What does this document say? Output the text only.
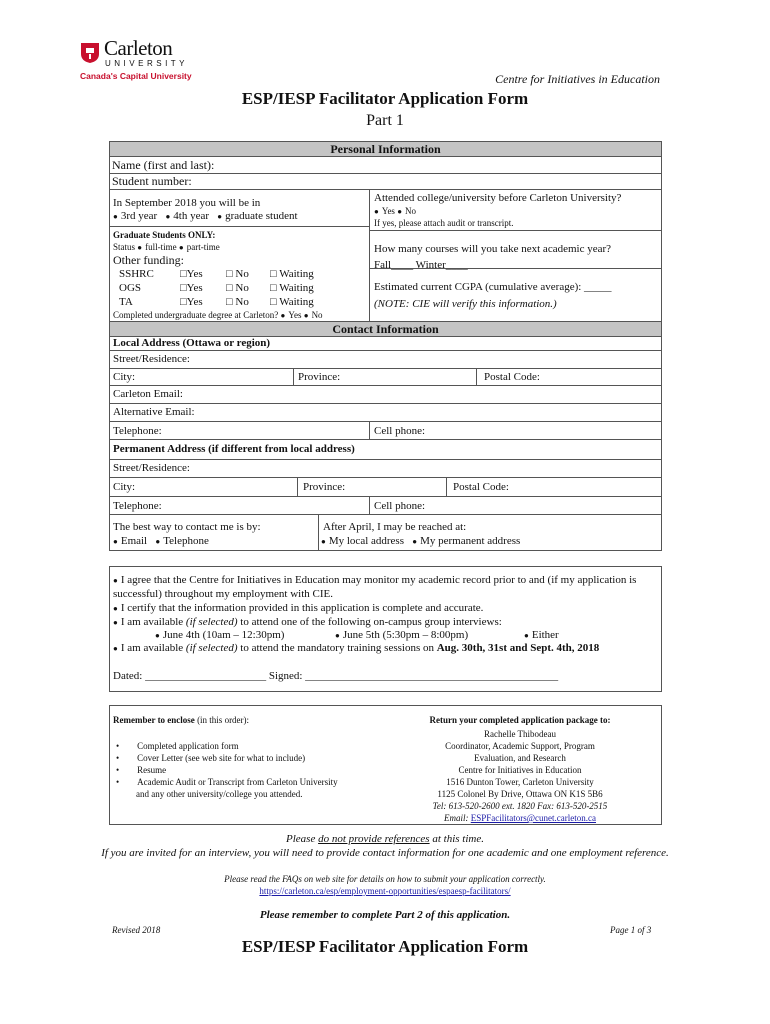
Carleton
UNIVERSITY
Canada's Capital University	Centre for Initiatives in Education
ESP/IESP Facilitator Application Form
Part 1
Personal Information
Name (first and last):
Student number:
In September 2018 you will be in
● 3rd year ● 4th year ● graduate student
Attended college/university before Carleton University?
● Yes ● No
If yes, please attach audit or transcript.
Graduate Students ONLY:
Status ● full-time ● part-time
Other funding:
SSHRC □Yes □ No □ Waiting
OGS	□Yes □ No □ Waiting
TA	□Yes □ No □ Waiting
Completed undergraduate degree at Carleton? ● Yes ● No
How many courses will you take next academic year?
Fall____ Winter____
Estimated current CGPA (cumulative average): _____
(NOTE: CIE will verify this information.)
Contact Information
Local Address (Ottawa or region)
Street/Residence:
City:	Province:	Postal Code:
Carleton Email:
Alternative Email:
Telephone:	Cell phone:
Permanent Address (if different from local address)
Street/Residence:
City:	Province:	Postal Code:
Telephone:	Cell phone:
The best way to contact me is by:
● Email ● Telephone
After April, I may be reached at:
● My local address ● My permanent address
● I agree that the Centre for Initiatives in Education may monitor my academic record prior to and (if my application is
successful) throughout my employment with CIE.
● I certify that the information provided in this application is complete and accurate.
● I am available (if selected) to attend one of the following on-campus group interviews:
● June 4th (10am – 12:30pm)	● June 5th (5:30pm – 8:00pm)	● Either
● I am available (if selected) to attend the mandatory training sessions on Aug. 30th, 31st and Sept. 4th, 2018
Dated: ______________________ Signed: ______________________________________________
Remember to enclose (in this order):
•        Completed application form
•        Cover Letter (see web site for what to include)
•        Resume
•        Academic Audit or Transcript from Carleton University
and any other university/college you attended.
Return your completed application package to:
Rachelle Thibodeau
Coordinator, Academic Support, Program
Evaluation, and Research
Centre for Initiatives in Education
1516 Dunton Tower, Carleton University
1125 Colonel By Drive, Ottawa ON K1S 5B6
Tel: 613-520-2600 ext. 1820 Fax: 613-520-2515
Email: ESPFacilitators@cunet.carleton.ca
Please do not provide references at this time.
If you are invited for an interview, you will need to provide contact information for one academic and one employment reference.
Please read the FAQs on web site for details on how to submit your application correctly.
https://carleton.ca/esp/employment-opportunities/espaesp-facilitators/
Please remember to complete Part 2 of this application.
Revised 2018	Page 1 of 3
ESP/IESP Facilitator Application Form
